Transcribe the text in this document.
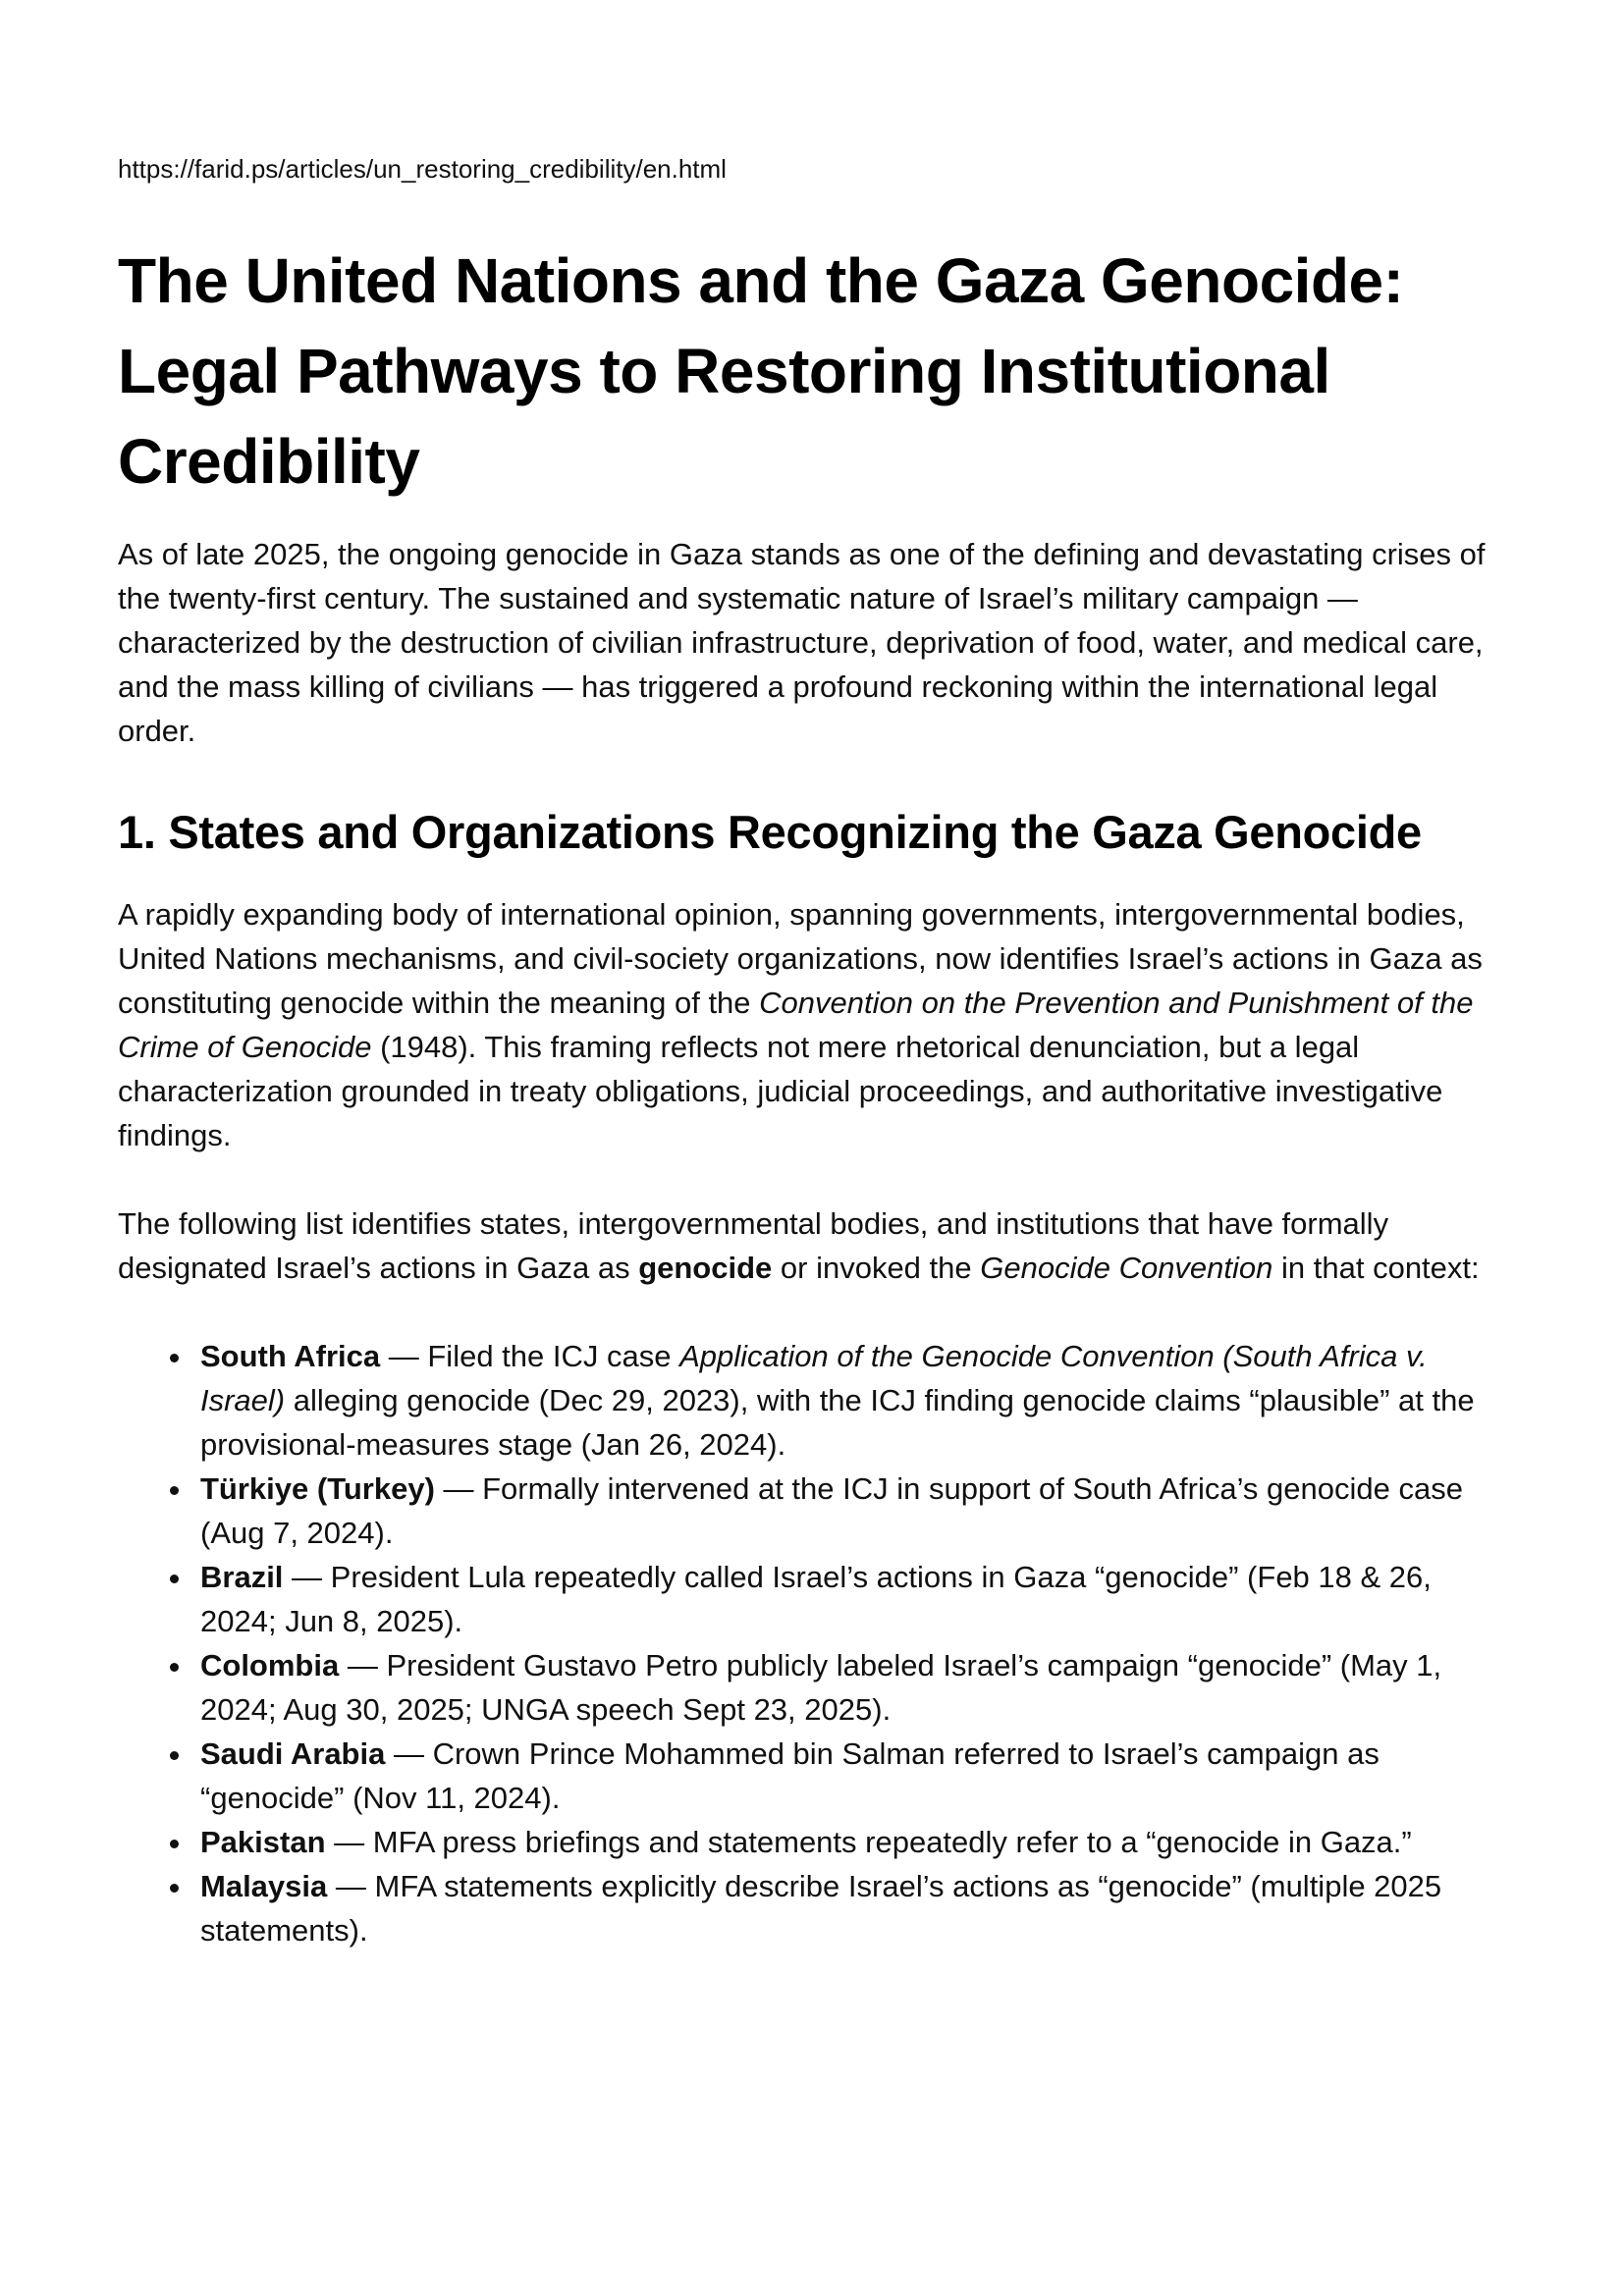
https://farid.ps/articles/un_restoring_credibility/en.html

The United Nations and the Gaza Genocide: Legal Pathways to Restoring Institutional Credibility

As of late 2025, the ongoing genocide in Gaza stands as one of the defining and devastating crises of the twenty-first century. The sustained and systematic nature of Israel’s military campaign — characterized by the destruction of civilian infrastructure, deprivation of food, water, and medical care, and the mass killing of civilians — has triggered a profound reckoning within the international legal order.

1. States and Organizations Recognizing the Gaza Genocide

A rapidly expanding body of international opinion, spanning governments, intergovernmental bodies, United Nations mechanisms, and civil-society organizations, now identifies Israel’s actions in Gaza as constituting genocide within the meaning of the Convention on the Prevention and Punishment of the Crime of Genocide (1948). This framing reflects not mere rhetorical denunciation, but a legal characterization grounded in treaty obligations, judicial proceedings, and authoritative investigative findings.

The following list identifies states, intergovernmental bodies, and institutions that have formally designated Israel’s actions in Gaza as genocide or invoked the Genocide Convention in that context:

• South Africa — Filed the ICJ case Application of the Genocide Convention (South Africa v. Israel) alleging genocide (Dec 29, 2023), with the ICJ finding genocide claims “plausible” at the provisional-measures stage (Jan 26, 2024).
• Türkiye (Turkey) — Formally intervened at the ICJ in support of South Africa’s genocide case (Aug 7, 2024).
• Brazil — President Lula repeatedly called Israel’s actions in Gaza “genocide” (Feb 18 & 26, 2024; Jun 8, 2025).
• Colombia — President Gustavo Petro publicly labeled Israel’s campaign “genocide” (May 1, 2024; Aug 30, 2025; UNGA speech Sept 23, 2025).
• Saudi Arabia — Crown Prince Mohammed bin Salman referred to Israel’s campaign as “genocide” (Nov 11, 2024).
• Pakistan — MFA press briefings and statements repeatedly refer to a “genocide in Gaza.”
• Malaysia — MFA statements explicitly describe Israel’s actions as “genocide” (multiple 2025 statements).
